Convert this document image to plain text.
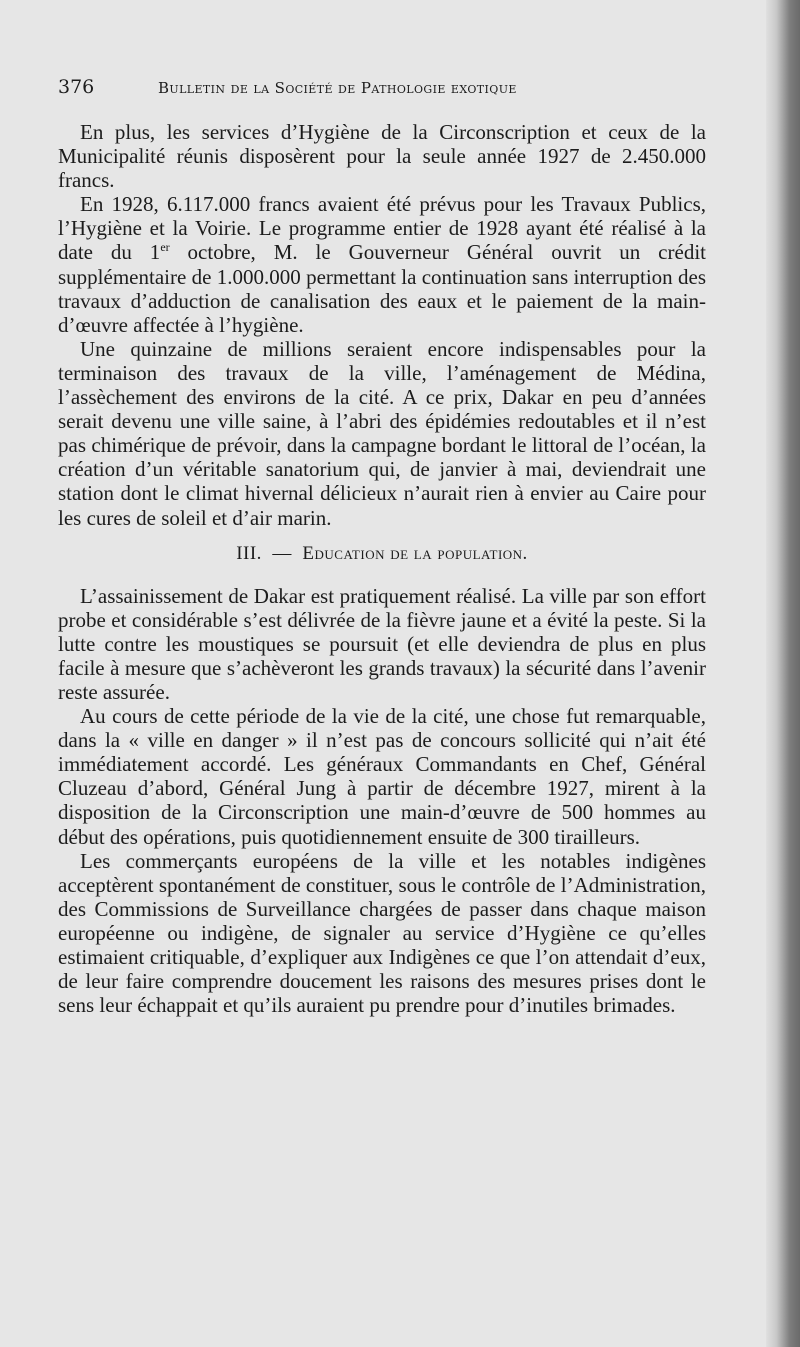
376	Bulletin de la Société de Pathologie exotique

En plus, les services d’Hygiène de la Circonscription et ceux de la Municipalité réunis disposèrent pour la seule année 1927 de 2.450.000 francs.

En 1928, 6.117.000 francs avaient été prévus pour les Travaux Publics, l’Hygiène et la Voirie. Le programme entier de 1928 ayant été réalisé à la date du 1er octobre, M. le Gouverneur Général ouvrit un crédit supplémentaire de 1.000.000 permettant la continuation sans interruption des travaux d’adduction de canalisation des eaux et le paiement de la main-d’œuvre affectée à l’hygiène.

Une quinzaine de millions seraient encore indispensables pour la terminaison des travaux de la ville, l’aménagement de Médina, l’assèchement des environs de la cité. A ce prix, Dakar en peu d’années serait devenu une ville saine, à l’abri des épidémies redoutables et il n’est pas chimérique de prévoir, dans la campagne bordant le littoral de l’océan, la création d’un véritable sanatorium qui, de janvier à mai, deviendrait une station dont le climat hivernal délicieux n’aurait rien à envier au Caire pour les cures de soleil et d’air marin.

III. — Education de la population.

L’assainissement de Dakar est pratiquement réalisé. La ville par son effort probe et considérable s’est délivrée de la fièvre jaune et a évité la peste. Si la lutte contre les moustiques se poursuit (et elle deviendra de plus en plus facile à mesure que s’achèveront les grands travaux) la sécurité dans l’avenir reste assurée.

Au cours de cette période de la vie de la cité, une chose fut remarquable, dans la « ville en danger » il n’est pas de concours sollicité qui n’ait été immédiatement accordé. Les généraux Commandants en Chef, Général Cluzeau d’abord, Général Jung à partir de décembre 1927, mirent à la disposition de la Circonscription une main-d’œuvre de 500 hommes au début des opérations, puis quotidiennement ensuite de 300 tirailleurs.

Les commerçants européens de la ville et les notables indigènes acceptèrent spontanément de constituer, sous le contrôle de l’Administration, des Commissions de Surveillance chargées de passer dans chaque maison européenne ou indigène, de signaler au service d’Hygiène ce qu’elles estimaient critiquable, d’expliquer aux Indigènes ce que l’on attendait d’eux, de leur faire comprendre doucement les raisons des mesures prises dont le sens leur échappait et qu’ils auraient pu prendre pour d’inutiles brimades.
